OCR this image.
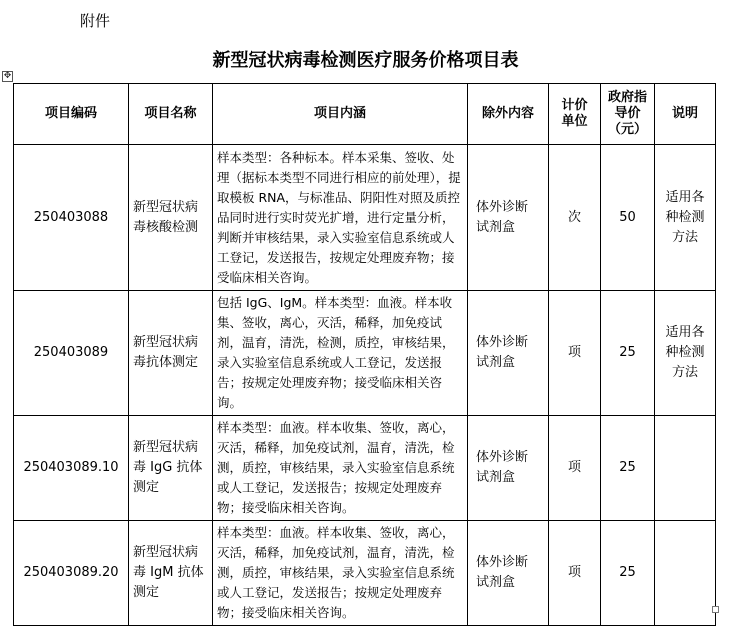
附件
新型冠状病毒检测医疗服务价格项目表
✥
项目编码	项目名称	项目内涵	除外内容	计价单位	政府指导价（元）	说明
250403088	新型冠状病毒核酸检测	样本类型：各种标本。样本采集、签收、处理（据标本类型不同进行相应的前处理），提取模板 RNA，与标准品、阴阳性对照及质控品同时进行实时荧光扩增，进行定量分析，判断并审核结果，录入实验室信息系统或人工登记，发送报告，按规定处理废弃物；接受临床相关咨询。	体外诊断试剂盒	次	50	适用各种检测方法
250403089	新型冠状病毒抗体测定	包括 IgG、IgM。样本类型：血液。样本收集、签收，离心，灭活，稀释，加免疫试剂，温育，清洗，检测，质控，审核结果，录入实验室信息系统或人工登记，发送报告；按规定处理废弃物；接受临床相关咨询。	体外诊断试剂盒	项	25	适用各种检测方法
250403089.10	新型冠状病毒 IgG 抗体测定	样本类型：血液。样本收集、签收，离心，灭活，稀释，加免疫试剂，温育，清洗，检测，质控，审核结果，录入实验室信息系统或人工登记，发送报告；按规定处理废弃物；接受临床相关咨询。	体外诊断试剂盒	项	25	
250403089.20	新型冠状病毒 IgM 抗体测定	样本类型：血液。样本收集、签收，离心，灭活，稀释，加免疫试剂，温育，清洗，检测，质控，审核结果，录入实验室信息系统或人工登记，发送报告；按规定处理废弃物；接受临床相关咨询。	体外诊断试剂盒	项	25	
